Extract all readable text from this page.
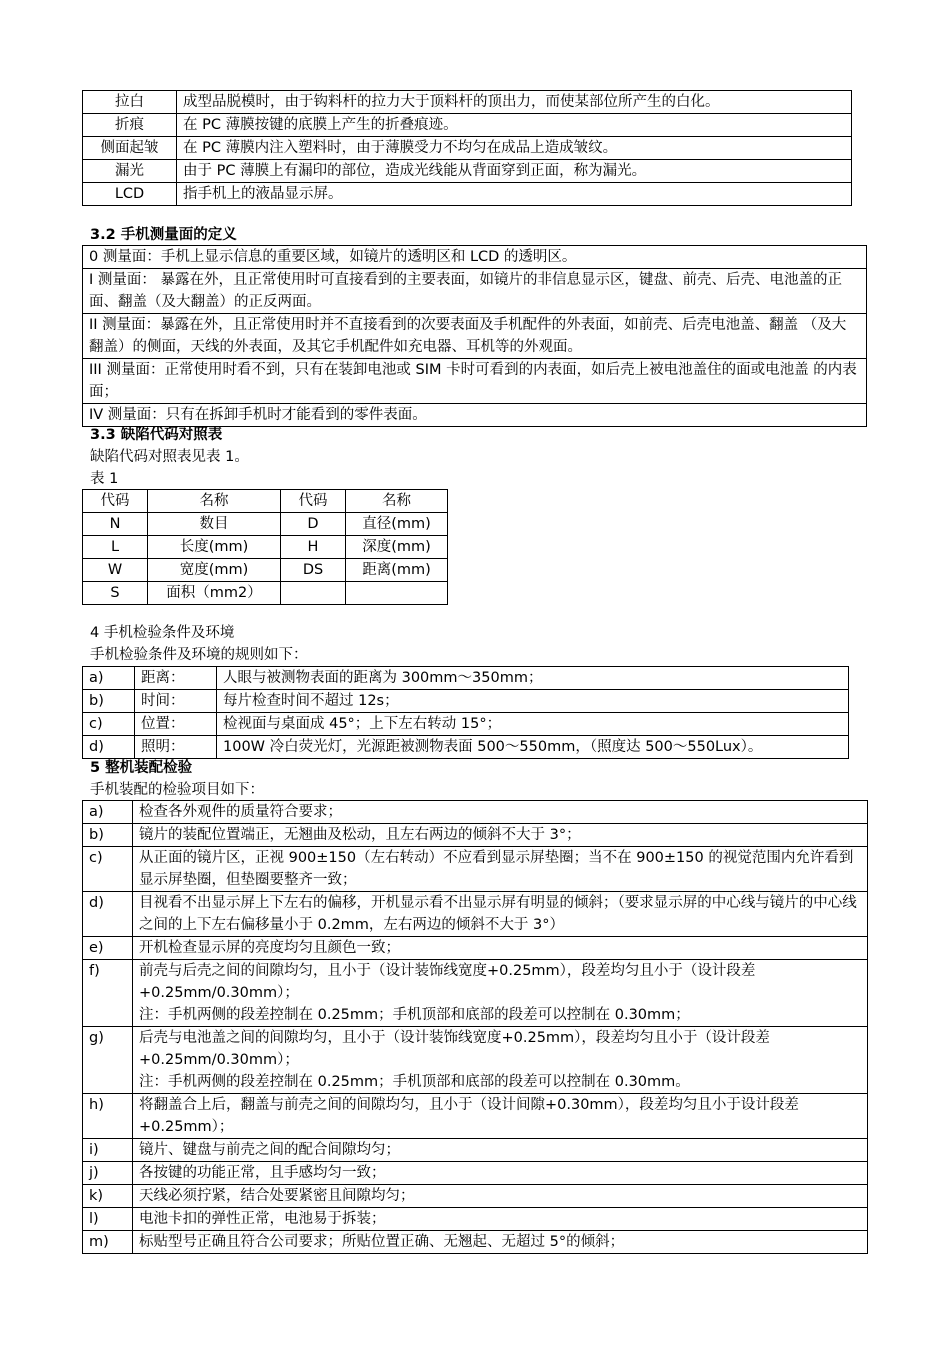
拉白	成型品脱模时，由于钩料杆的拉力大于顶料杆的顶出力，而使某部位所产生的白化。
折痕	在 PC 薄膜按键的底膜上产生的折叠痕迹。
侧面起皱	在 PC 薄膜内注入塑料时，由于薄膜受力不均匀在成品上造成皱纹。
漏光	由于 PC 薄膜上有漏印的部位，造成光线能从背面穿到正面，称为漏光。
LCD	指手机上的液晶显示屏。
3.2 手机测量面的定义
0 测量面：手机上显示信息的重要区域，如镜片的透明区和 LCD 的透明区。
I 测量面： 暴露在外，且正常使用时可直接看到的主要表面，如镜片的非信息显示区，键盘、前壳、后壳、电池盖的正面、翻盖（及大翻盖）的正反两面。
II 测量面：暴露在外，且正常使用时并不直接看到的次要表面及手机配件的外表面，如前壳、后壳电池盖、翻盖 （及大翻盖）的侧面，天线的外表面，及其它手机配件如充电器、耳机等的外观面。
III 测量面：正常使用时看不到，只有在装卸电池或 SIM 卡时可看到的内表面，如后壳上被电池盖住的面或电池盖 的内表面；
IV 测量面：只有在拆卸手机时才能看到的零件表面。
3.3 缺陷代码对照表
缺陷代码对照表见表 1。
表 1
代码	名称	代码	名称
N	数目	D	直径(mm)
L	长度(mm)	H	深度(mm)
W	宽度(mm)	DS	距离(mm)
S	面积（mm2）		
4 手机检验条件及环境
手机检验条件及环境的规则如下：
a)	距离：	人眼与被测物表面的距离为 300mm～350mm；
b)	时间：	每片检查时间不超过 12s；
c)	位置：	检视面与桌面成 45°；上下左右转动 15°；
d)	照明：	100W 冷白荧光灯，光源距被测物表面 500～550mm，（照度达 500～550Lux）。
5 整机装配检验
手机装配的检验项目如下：
a)	检查各外观件的质量符合要求；

b)	镜片的装配位置端正，无翘曲及松动，且左右两边的倾斜不大于 3°；

c)	从正面的镜片区，正视 900±150（左右转动）不应看到显示屏垫圈；当不在 900±150 的视觉范围内允许看到显示屏垫圈，但垫圈要整齐一致；

d)	目视看不出显示屏上下左右的偏移，开机显示看不出显示屏有明显的倾斜；（要求显示屏的中心线与镜片的中心线之间的上下左右偏移量小于 0.2mm，左右两边的倾斜不大于 3°）

e)	开机检查显示屏的亮度均匀且颜色一致；

f)	前壳与后壳之间的间隙均匀，且小于（设计装饰线宽度+0.25mm），段差均匀且小于（设计段差+0.25mm/0.30mm）；
注：手机两侧的段差控制在 0.25mm；手机顶部和底部的段差可以控制在 0.30mm；

g)	后壳与电池盖之间的间隙均匀，且小于（设计装饰线宽度+0.25mm），段差均匀且小于（设计段差+0.25mm/0.30mm）；
注：手机两侧的段差控制在 0.25mm；手机顶部和底部的段差可以控制在 0.30mm。

h)	将翻盖合上后，翻盖与前壳之间的间隙均匀，且小于（设计间隙+0.30mm），段差均匀且小于设计段差+0.25mm）；

i)	镜片、键盘与前壳之间的配合间隙均匀；

j)	各按键的功能正常，且手感均匀一致；

k)	天线必须拧紧，结合处要紧密且间隙均匀；

l)	电池卡扣的弹性正常，电池易于拆装；

m)	标贴型号正确且符合公司要求；所贴位置正确、无翘起、无超过 5°的倾斜；
